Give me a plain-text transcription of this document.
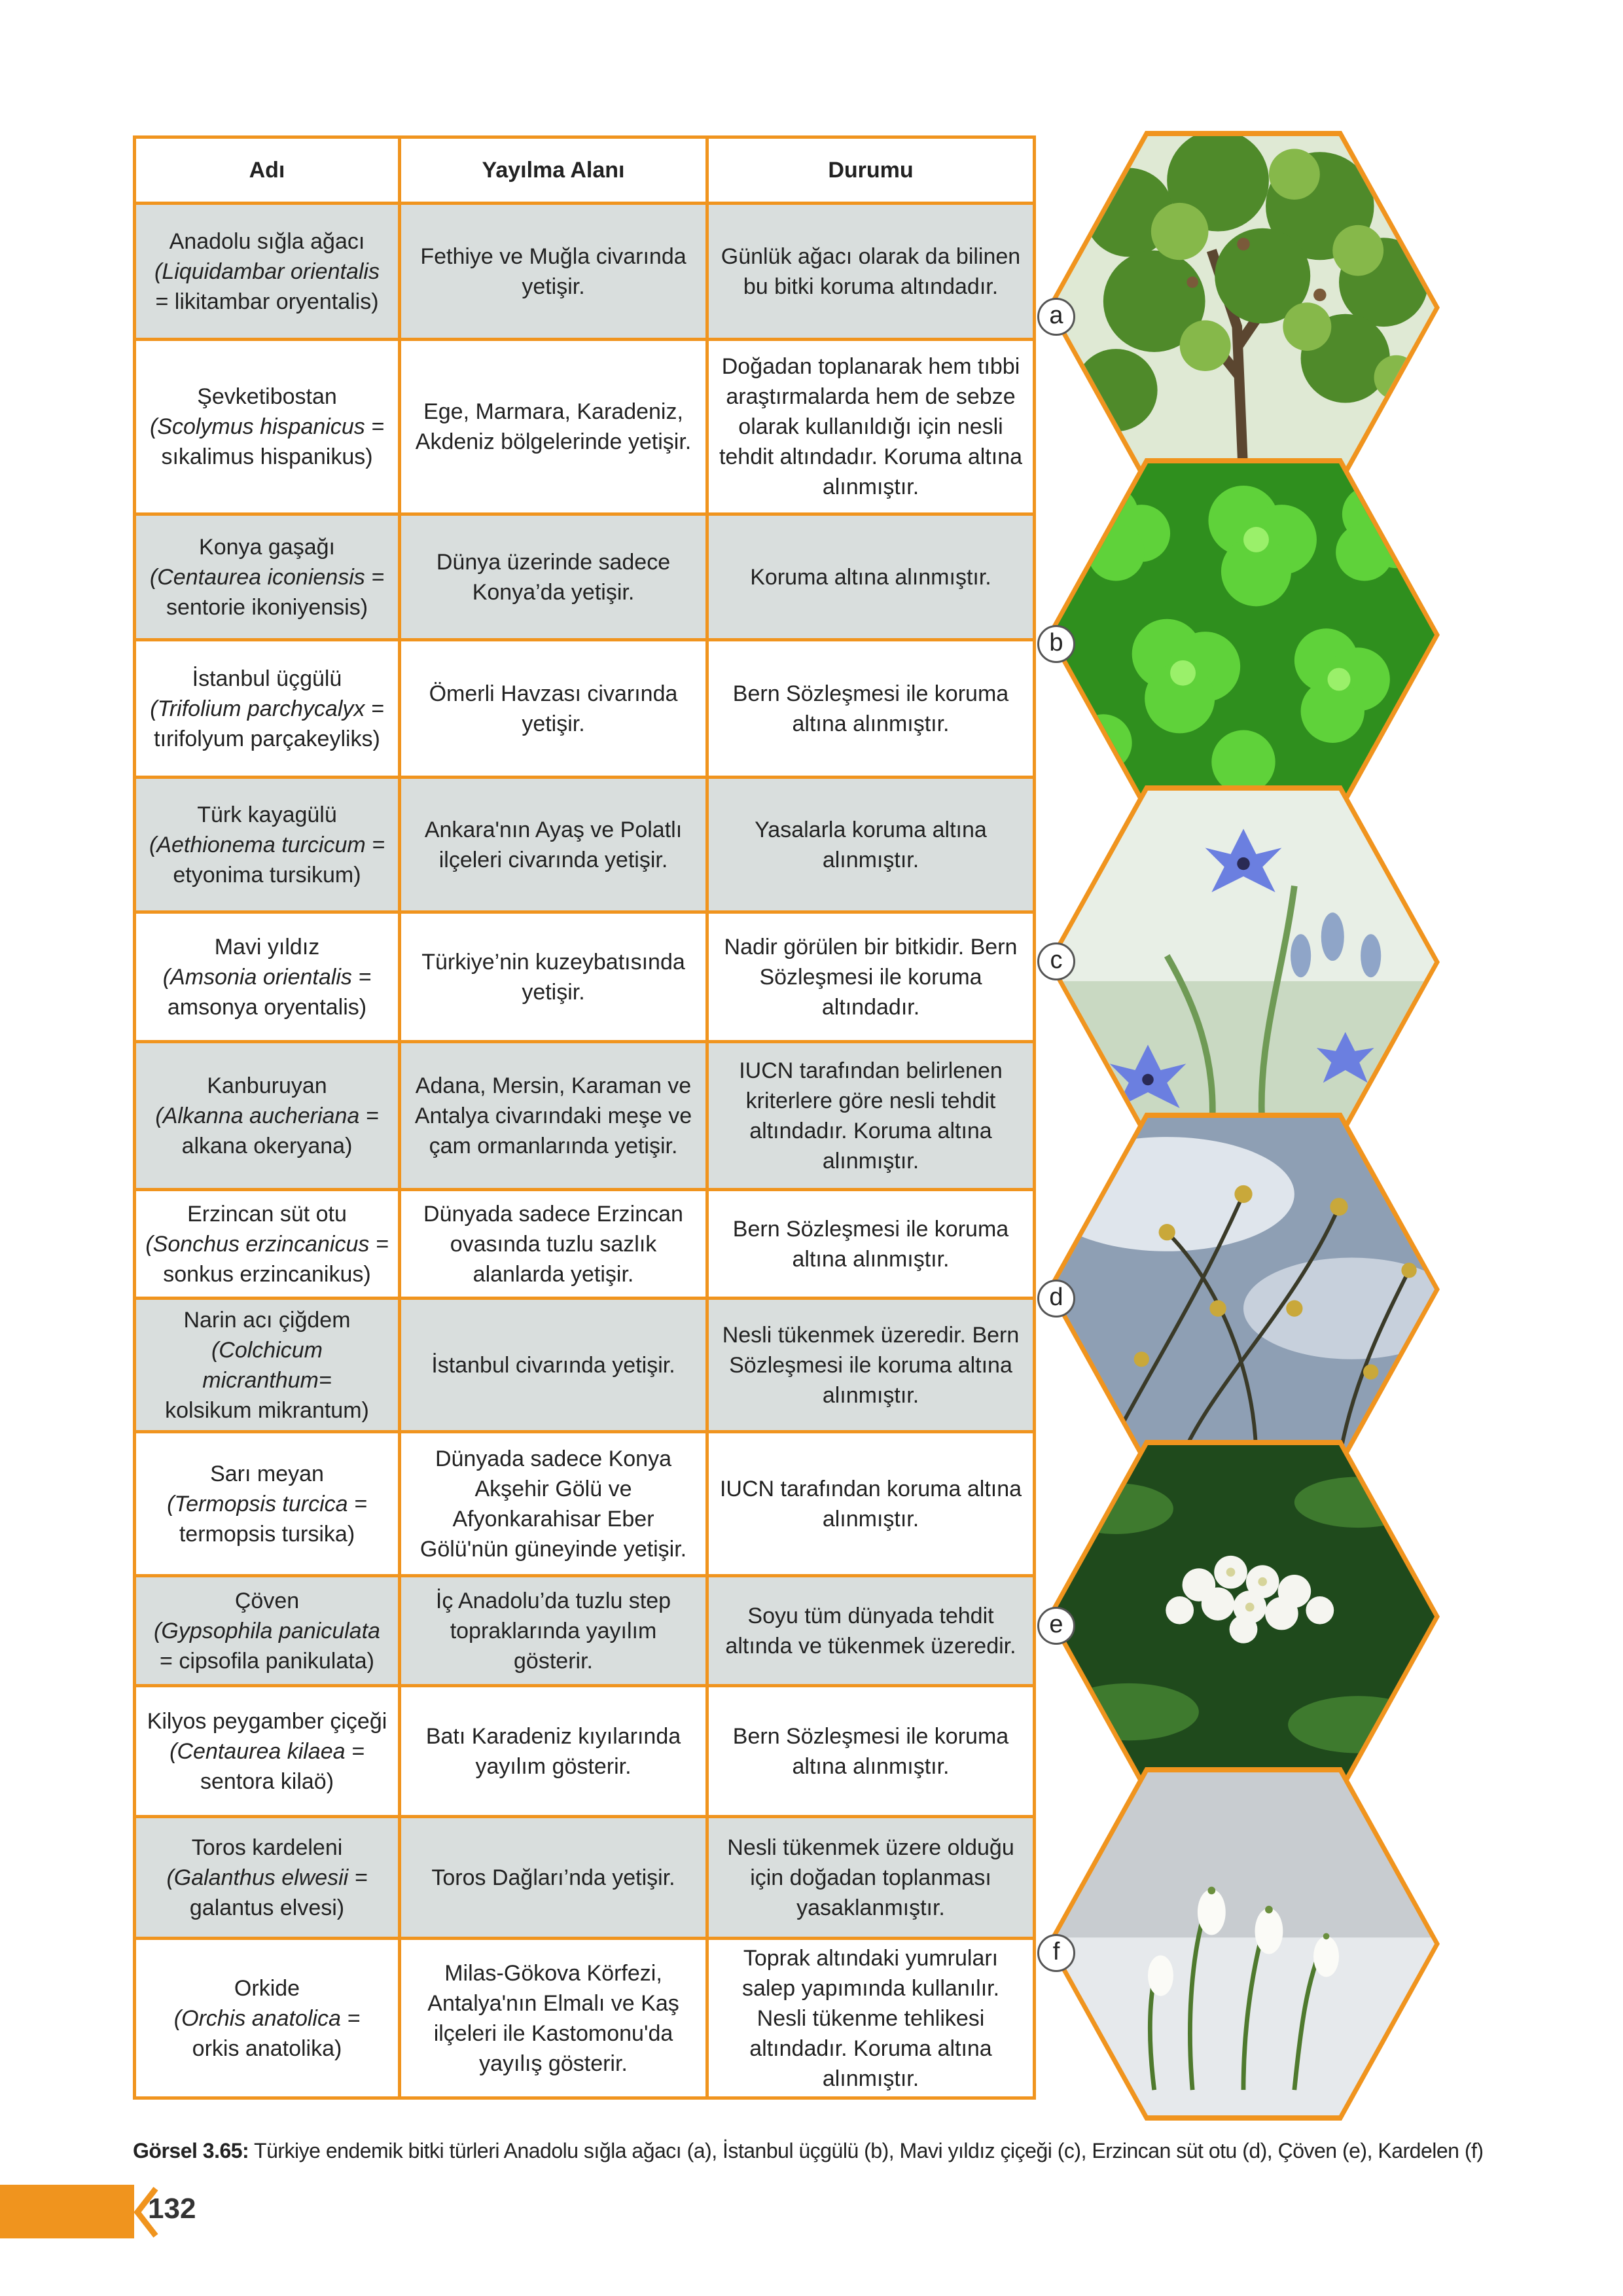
Adı	Yayılma Alanı	Durumu

Anadolu sığla ağacı
(Liquidambar orientalis
= likitambar oryentalis)	Fethiye ve Muğla civarında yetişir.	Günlük ağacı olarak da bilinen bu bitki koruma altındadır.

Şevketibostan
(Scolymus hispanicus =
sıkalimus hispanikus)	Ege, Marmara, Karadeniz, Akdeniz bölgelerinde yetişir.	Doğadan toplanarak hem tıbbi araştırmalarda hem de sebze olarak kullanıldığı için nesli tehdit altındadır. Koruma altına alınmıştır.

Konya gaşağı
(Centaurea iconiensis =
sentorie ikoniyensis)	Dünya üzerinde sadece Konya’da yetişir.	Koruma altına alınmıştır.

İstanbul üçgülü
(Trifolium parchycalyx =
tırifolyum parçakeyliks)	Ömerli Havzası civarında yetişir.	Bern Sözleşmesi ile koruma altına alınmıştır.

Türk kayagülü
(Aethionema turcicum =
etyonima tursikum)	Ankara'nın Ayaş ve Polatlı ilçeleri civarında yetişir.	Yasalarla koruma altına alınmıştır.

Mavi yıldız
(Amsonia orientalis =
amsonya oryentalis)	Türkiye’nin kuzeybatısında yetişir.	Nadir görülen bir bitkidir. Bern Sözleşmesi ile koruma altındadır.

Kanburuyan
(Alkanna aucheriana =
alkana okeryana)	Adana, Mersin, Karaman ve Antalya civarındaki meşe ve çam ormanlarında yetişir.	IUCN tarafından belirlenen kriterlere göre nesli tehdit altındadır. Koruma altına alınmıştır.

Erzincan süt otu
(Sonchus erzincanicus =
sonkus erzincanikus)	Dünyada sadece Erzincan ovasında tuzlu sazlık alanlarda yetişir.	Bern Sözleşmesi ile koruma altına alınmıştır.

Narin acı çiğdem
(Colchicum micranthum=
kolsikum mikrantum)	İstanbul civarında yetişir.	Nesli tükenmek üzeredir. Bern Sözleşmesi ile koruma altına alınmıştır.

Sarı meyan
(Termopsis turcica =
termopsis tursika)	Dünyada sadece Konya Akşehir Gölü ve Afyonkarahisar Eber Gölü'nün güneyinde yetişir.	IUCN tarafından koruma altına alınmıştır.

Çöven
(Gypsophila paniculata
= cipsofila panikulata)	İç Anadolu’da tuzlu step topraklarında yayılım gösterir.	Soyu tüm dünyada tehdit altında ve tükenmek üzeredir.

Kilyos peygamber çiçeği
(Centaurea kilaea =
sentora kilaö)	Batı Karadeniz kıyılarında yayılım gösterir.	Bern Sözleşmesi ile koruma altına alınmıştır.

Toros kardeleni
(Galanthus elwesii =
galantus elvesi)	Toros Dağları’nda yetişir.	Nesli tükenmek üzere olduğu için doğadan toplanması yasaklanmıştır.

Orkide
(Orchis anatolica =
orkis anatolika)	Milas-Gökova Körfezi, Antalya'nın Elmalı ve Kaş ilçeleri ile Kastomonu'da yayılış gösterir.	Toprak altındaki yumruları salep yapımında kullanılır. Nesli tükenme tehlikesi altındadır. Koruma altına alınmıştır.
a
b
c
d
e
f
Görsel 3.65: Türkiye endemik bitki türleri Anadolu sığla ağacı (a), İstanbul üçgülü (b), Mavi yıldız çiçeği (c), Erzincan süt otu (d), Çöven (e), Kardelen (f)
132
